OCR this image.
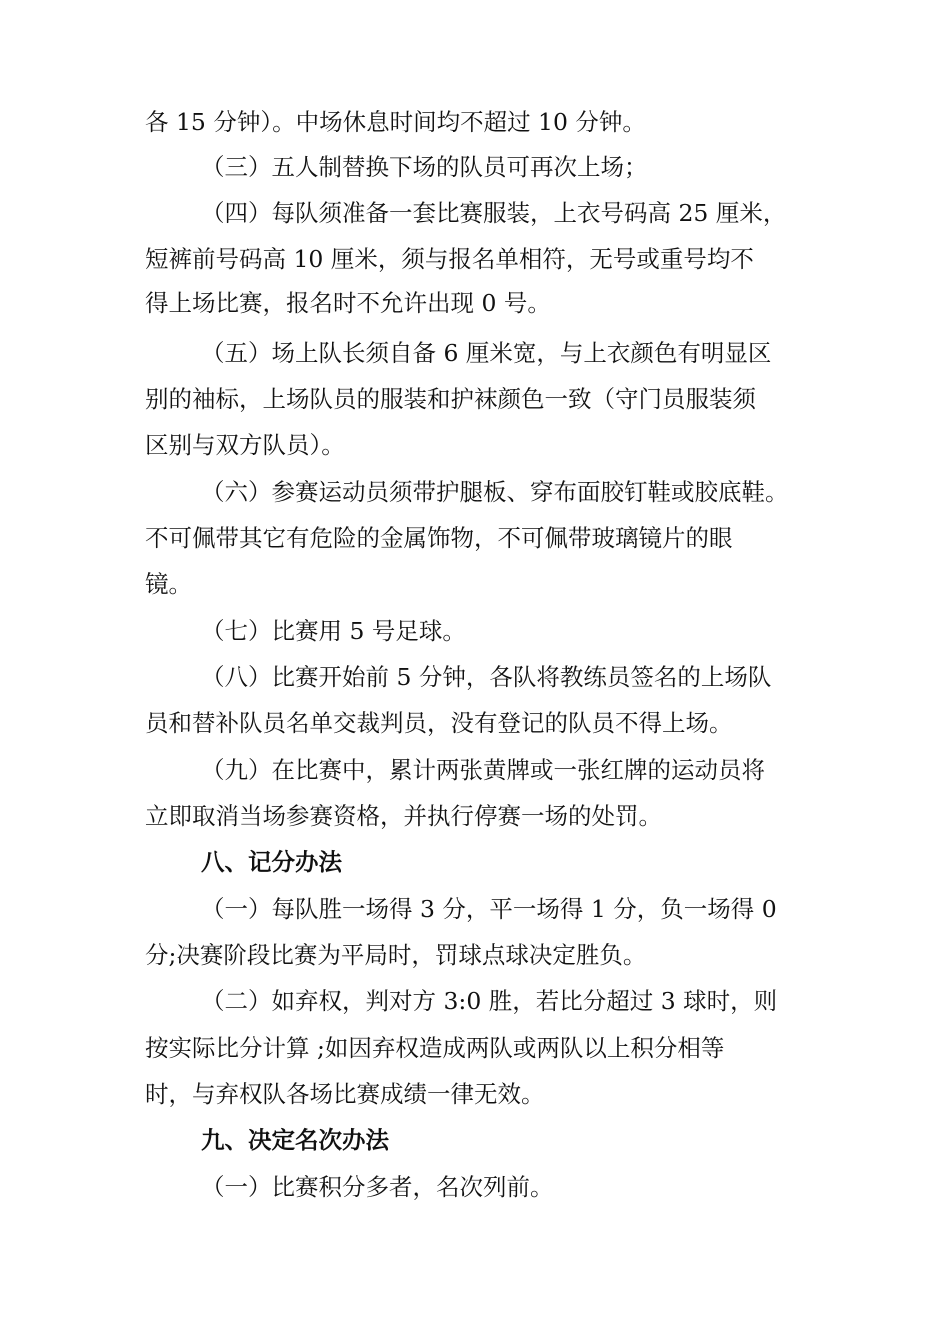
各 15 分钟）。中场休息时间均不超过 10 分钟。

（三）五人制替换下场的队员可再次上场；

（四）每队须准备一套比赛服装，上衣号码高 25 厘米，

短裤前号码高 10 厘米，须与报名单相符，无号或重号均不

得上场比赛，报名时不允许出现 0 号。

（五）场上队长须自备 6 厘米宽，与上衣颜色有明显区

别的袖标，上场队员的服装和护袜颜色一致（守门员服装须

区别与双方队员）。

（六）参赛运动员须带护腿板、穿布面胶钉鞋或胶底鞋。

不可佩带其它有危险的金属饰物，不可佩带玻璃镜片的眼

镜。

（七）比赛用 5 号足球。

（八）比赛开始前 5 分钟，各队将教练员签名的上场队

员和替补队员名单交裁判员，没有登记的队员不得上场。

（九）在比赛中，累计两张黄牌或一张红牌的运动员将

立即取消当场参赛资格，并执行停赛一场的处罚。

八、记分办法

（一）每队胜一场得 3 分，平一场得 1 分，负一场得 0

分;决赛阶段比赛为平局时，罚球点球决定胜负。

（二）如弃权，判对方 3:0 胜，若比分超过 3 球时，则

按实际比分计算 ;如因弃权造成两队或两队以上积分相等

时，与弃权队各场比赛成绩一律无效。

九、决定名次办法

（一）比赛积分多者，名次列前。
